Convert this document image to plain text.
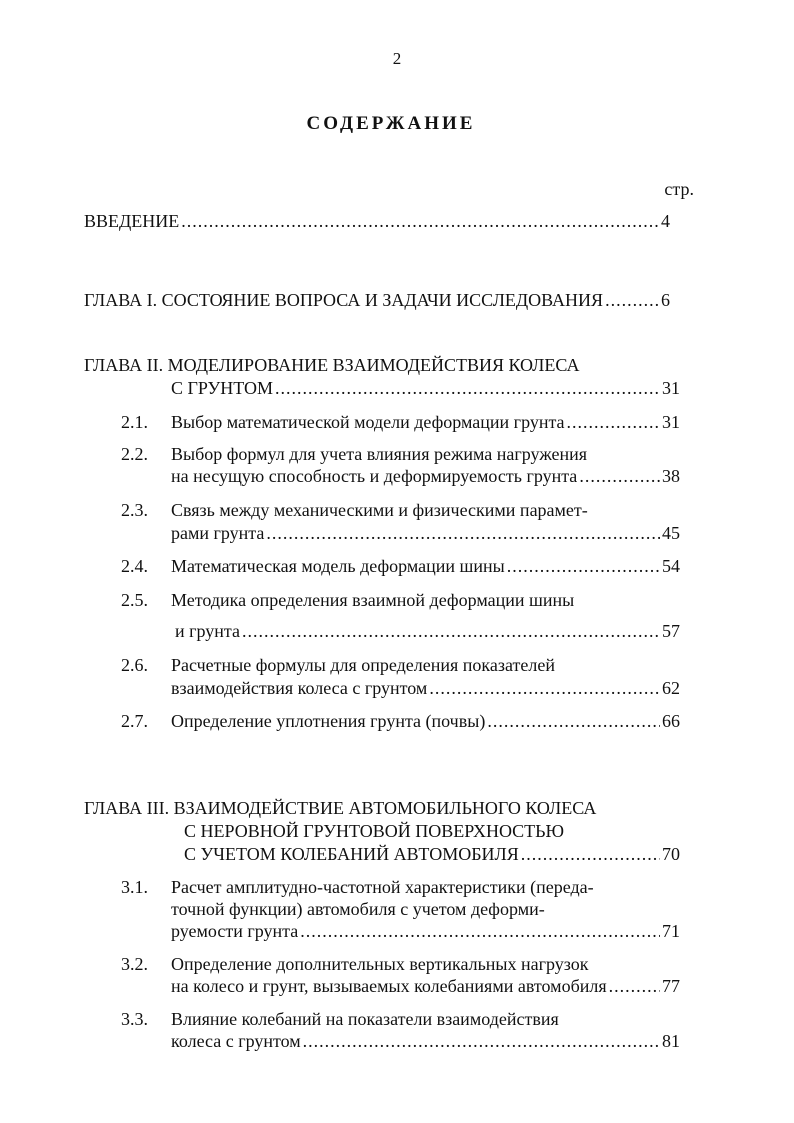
2
СОДЕРЖАНИЕ
стр.
ВВЕДЕНИЕ .....	4
ГЛАВА I. СОСТОЯНИЕ ВОПРОСА И ЗАДАЧИ ИССЛЕДОВАНИЯ .....	6
ГЛАВА II. МОДЕЛИРОВАНИЕ ВЗАИМОДЕЙСТВИЯ КОЛЕСА
С ГРУНТОМ .....	31
2.1. Выбор математической модели деформации грунта .....	31
2.2. Выбор формул для учета влияния режима нагружения
на несущую способность и деформируемость грунта .....	38
2.3. Связь между механическими и физическими парамет-
рами грунта .....	45
2.4. Математическая модель деформации шины .....	54
2.5. Методика определения взаимной деформации шины
и грунта .....	57
2.6. Расчетные формулы для определения показателей
взаимодействия колеса с грунтом .....	62
2.7. Определение уплотнения грунта (почвы) .....	66
ГЛАВА III. ВЗАИМОДЕЙСТВИЕ АВТОМОБИЛЬНОГО КОЛЕСА
С НЕРОВНОЙ ГРУНТОВОЙ ПОВЕРХНОСТЬЮ
С УЧЕТОМ КОЛЕБАНИЙ АВТОМОБИЛЯ .....	70
3.1. Расчет амплитудно-частотной характеристики (переда-
точной функции) автомобиля с учетом деформи-
руемости грунта .....	71
3.2. Определение дополнительных вертикальных нагрузок
на колесо и грунт, вызываемых колебаниями автомобиля .....	77
3.3. Влияние колебаний на показатели взаимодействия
колеса с грунтом .....	81
